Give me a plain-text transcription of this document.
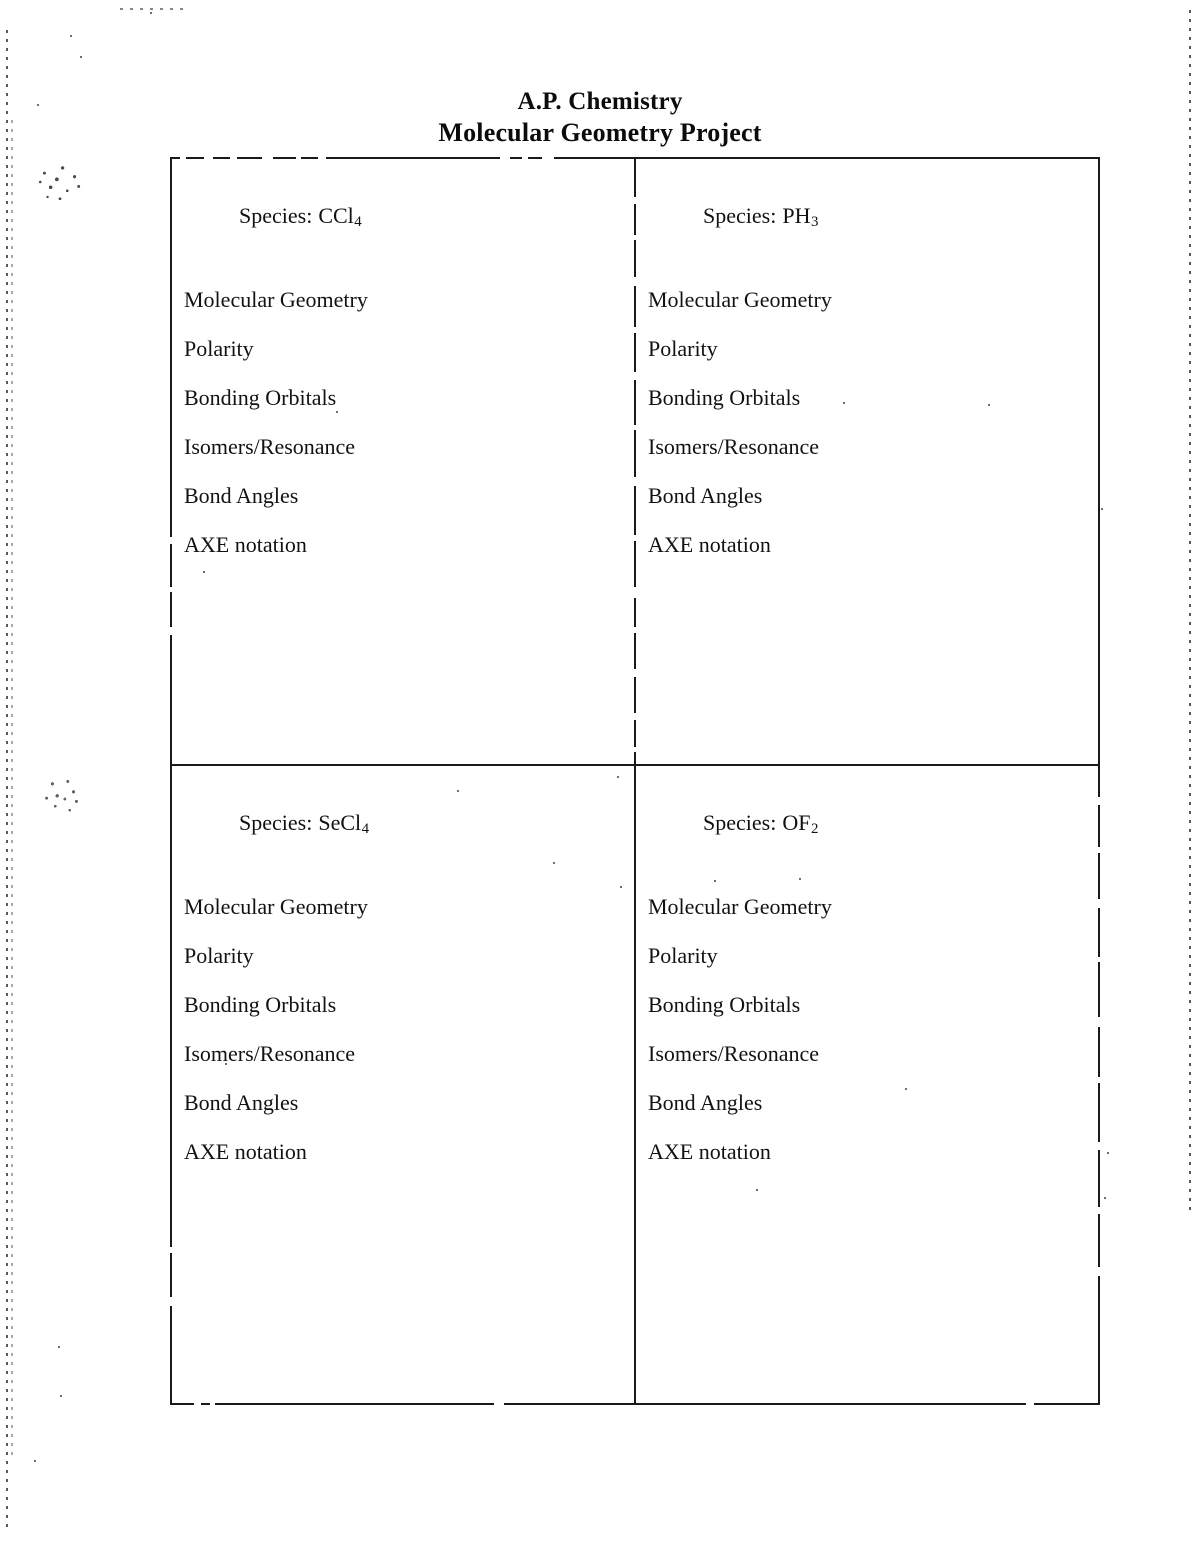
A.P. Chemistry
Molecular Geometry Project

Species: CCl$_4$

Molecular Geometry
Polarity
Bonding Orbitals
Isomers/Resonance
Bond Angles
AXE notation

Species: $PH_3$

Molecular Geometry
Polarity
Bonding Orbitals
Isomers/Resonance
Bond Angles
AXE notation

Species: SeCl$_4$

Molecular Geometry
Polarity
Bonding Orbitals
Isomers/Resonance
Bond Angles
AXE notation

Species: $OF_2$

Molecular Geometry
Polarity
Bonding Orbitals
Isomers/Resonance
Bond Angles
AXE notation
